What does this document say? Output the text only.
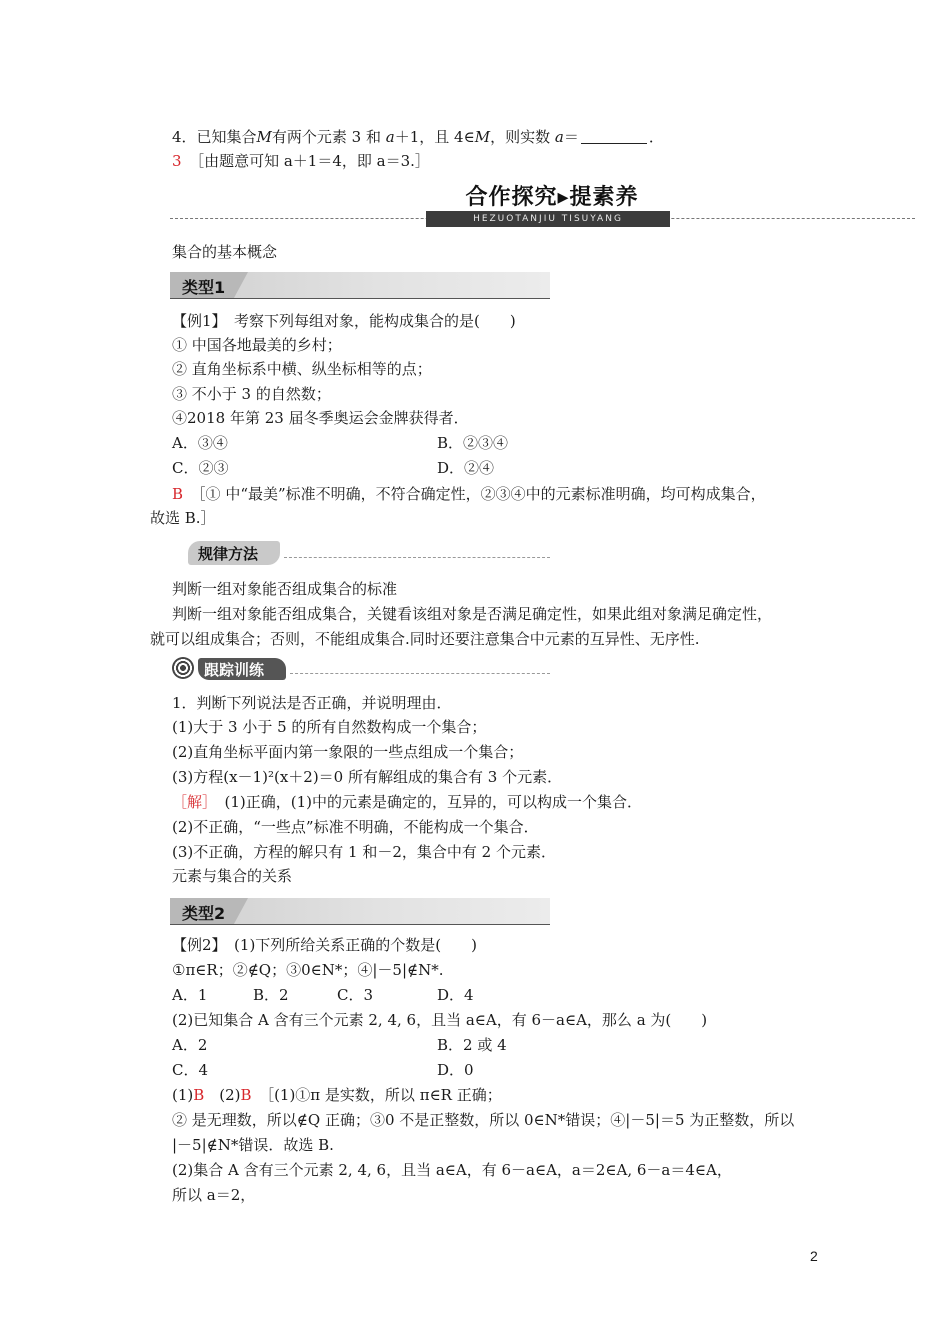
4．已知集合M有两个元素 3 和 a＋1，且 4∈M，则实数 a＝	．
3　 ［由题意可知 a＋1＝4，即 a＝3.］
合作探究▸提素养
HEZUOTANJIU TISUYANG
集合的基本概念
类型1
【例1】　考察下列每组对象，能构成集合的是(　　)
① 中国各地最美的乡村；
② 直角坐标系中横、纵坐标相等的点；
③ 不小于 3 的自然数；
④2018 年第 23 届冬季奥运会金牌获得者．
A．③④	B．②③④
C．②③	D．②④
B　 ［① 中“最美”标准不明确，不符合确定性，②③④中的元素标准明确，均可构成集合，
故选 B.］
规律方法
判断一组对象能否组成集合的标准
判断一组对象能否组成集合，关键看该组对象是否满足确定性，如果此组对象满足确定性，
就可以组成集合；否则，不能组成集合.同时还要注意集合中元素的互异性、无序性.
跟踪训练
1．判断下列说法是否正确，并说明理由．
(1)大于 3 小于 5 的所有自然数构成一个集合；
(2)直角坐标平面内第一象限的一些点组成一个集合；
(3)方程(x－1)²(x＋2)＝0 所有解组成的集合有 3 个元素．
［解］　(1)正确，(1)中的元素是确定的，互异的，可以构成一个集合．
(2)不正确，“一些点”标准不明确，不能构成一个集合．
(3)不正确，方程的解只有 1 和－2，集合中有 2 个元素．
元素与集合的关系
类型2
【例2】　(1)下列所给关系正确的个数是(　　)
①π∈R；②∉Q；③0∈N*；④|－5|∉N*.
A．1	B．2	C．3	D．4
(2)已知集合 A 含有三个元素 2, 4, 6，且当 a∈A，有 6－a∈A，那么 a 为(　　)
A．2	B．2 或 4
C．4	D．0
(1)B　(2)B　［(1)①π 是实数，所以 π∈R 正确；
② 是无理数，所以∉Q 正确；③0 不是正整数，所以 0∈N*错误；④|－5|＝5 为正整数，所以
|－5|∉N*错误．故选 B.
(2)集合 A 含有三个元素 2, 4, 6，且当 a∈A，有 6－a∈A，a＝2∈A, 6－a＝4∈A，
所以 a＝2，
2
